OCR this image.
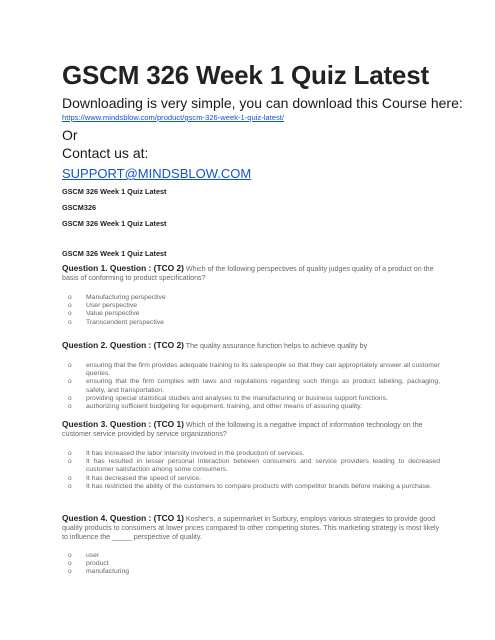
GSCM 326 Week 1 Quiz Latest
Downloading is very simple, you can download this Course here:
https://www.mindsblow.com/product/gscm-326-week-1-quiz-latest/
Or
Contact us at:
SUPPORT@MINDSBLOW.COM
GSCM 326 Week 1 Quiz Latest
GSCM326
GSCM 326 Week 1 Quiz Latest
GSCM 326 Week 1 Quiz Latest
Question 1. Question : (TCO 2) Which of the following perspectives of quality judges quality of a product on the basis of conforming to product specifications?
o Manufacturing perspective
o User perspective
o Value perspective
o Transcendent perspective
Question 2. Question : (TCO 2) The quality assurance function helps to achieve quality by
o ensuring that the firm provides adequate training to its salespeople so that they can appropriately answer all customer queries.
o ensuring that the firm complies with laws and regulations regarding such things as product labeling, packaging, safety, and transportation.
o providing special statistical studies and analyses to the manufacturing or business support functions.
o authorizing sufficient budgeting for equipment, training, and other means of assuring quality.
Question 3. Question : (TCO 1) Which of the following is a negative impact of information technology on the customer service provided by service organizations?
o It has increased the labor intensity involved in the production of services.
o It has resulted in lesser personal interaction between consumers and service providers leading to decreased customer satisfaction among some consumers.
o It has decreased the speed of service.
o It has restricted the ability of the customers to compare products with competitor brands before making a purchase.
Question 4. Question : (TCO 1) Kosher's, a supermarket in Surbury, employs various strategies to provide good quality products to consumers at lower prices compared to other competing stores. This marketing strategy is most likely to influence the _____ perspective of quality.
o user
o product
o manufacturing
